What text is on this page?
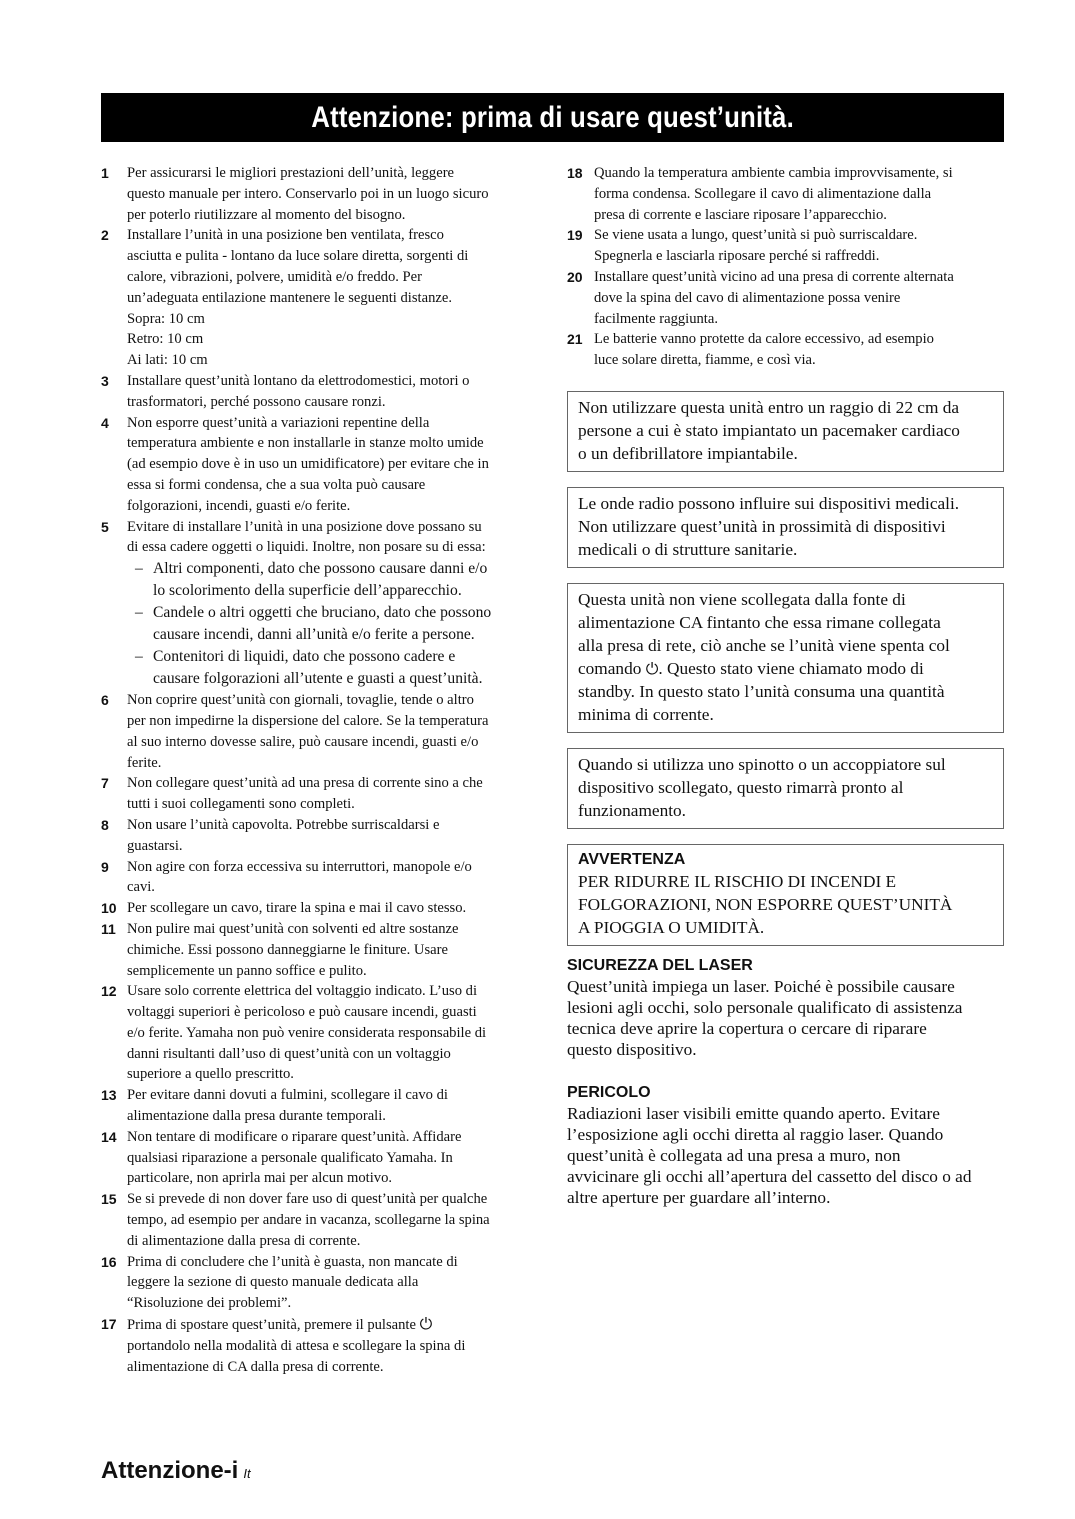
Attenzione: prima di usare quest’unità.
1 Per assicurarsi le migliori prestazioni dell’unità, leggere
questo manuale per intero. Conservarlo poi in un luogo sicuro
per poterlo riutilizzare al momento del bisogno.
2 Installare l’unità in una posizione ben ventilata, fresco
asciutta e pulita - lontano da luce solare diretta, sorgenti di
calore, vibrazioni, polvere, umidità e/o freddo. Per
un’adeguata entilazione mantenere le seguenti distanze.
Sopra: 10 cm
Retro: 10 cm
Ai lati: 10 cm
3 Installare quest’unità lontano da elettrodomestici, motori o
trasformatori, perché possono causare ronzi.
4 Non esporre quest’unità a variazioni repentine della
temperatura ambiente e non installarle in stanze molto umide
(ad esempio dove è in uso un umidificatore) per evitare che in
essa si formi condensa, che a sua volta può causare
folgorazioni, incendi, guasti e/o ferite.
5 Evitare di installare l’unità in una posizione dove possano su
di essa cadere oggetti o liquidi. Inoltre, non posare su di essa:
– Altri componenti, dato che possono causare danni e/o
lo scolorimento della superficie dell’apparecchio.
– Candele o altri oggetti che bruciano, dato che possono
causare incendi, danni all’unità e/o ferite a persone.
– Contenitori di liquidi, dato che possono cadere e
causare folgorazioni all’utente e guasti a quest’unità.
6 Non coprire quest’unità con giornali, tovaglie, tende o altro
per non impedirne la dispersione del calore. Se la temperatura
al suo interno dovesse salire, può causare incendi, guasti e/o
ferite.
7 Non collegare quest’unità ad una presa di corrente sino a che
tutti i suoi collegamenti sono completi.
8 Non usare l’unità capovolta. Potrebbe surriscaldarsi e
guastarsi.
9 Non agire con forza eccessiva su interruttori, manopole e/o
cavi.
10 Per scollegare un cavo, tirare la spina e mai il cavo stesso.
11 Non pulire mai quest’unità con solventi ed altre sostanze
chimiche. Essi possono danneggiarne le finiture. Usare
semplicemente un panno soffice e pulito.
12 Usare solo corrente elettrica del voltaggio indicato. L’uso di
voltaggi superiori è pericoloso e può causare incendi, guasti
e/o ferite. Yamaha non può venire considerata responsabile di
danni risultanti dall’uso di quest’unità con un voltaggio
superiore a quello prescritto.
13 Per evitare danni dovuti a fulmini, scollegare il cavo di
alimentazione dalla presa durante temporali.
14 Non tentare di modificare o riparare quest’unità. Affidare
qualsiasi riparazione a personale qualificato Yamaha. In
particolare, non aprirla mai per alcun motivo.
15 Se si prevede di non dover fare uso di quest’unità per qualche
tempo, ad esempio per andare in vacanza, scollegarne la spina
di alimentazione dalla presa di corrente.
16 Prima di concludere che l’unità è guasta, non mancate di
leggere la sezione di questo manuale dedicata alla
“Risoluzione dei problemi”.
17 Prima di spostare quest’unità, premere il pulsante ⏻
portandolo nella modalità di attesa e scollegare la spina di
alimentazione di CA dalla presa di corrente.
18 Quando la temperatura ambiente cambia improvvisamente, si
forma condensa. Scollegare il cavo di alimentazione dalla
presa di corrente e lasciare riposare l’apparecchio.
19 Se viene usata a lungo, quest’unità si può surriscaldare.
Spegnerla e lasciarla riposare perché si raffreddi.
20 Installare quest’unità vicino ad una presa di corrente alternata
dove la spina del cavo di alimentazione possa venire
facilmente raggiunta.
21 Le batterie vanno protette da calore eccessivo, ad esempio
luce solare diretta, fiamme, e così via.
Non utilizzare questa unità entro un raggio di 22 cm da
persone a cui è stato impiantato un pacemaker cardiaco
o un defibrillatore impiantabile.
Le onde radio possono influire sui dispositivi medicali.
Non utilizzare quest’unità in prossimità di dispositivi
medicali o di strutture sanitarie.
Questa unità non viene scollegata dalla fonte di
alimentazione CA fintanto che essa rimane collegata
alla presa di rete, ciò anche se l’unità viene spenta col
comando ⏻. Questo stato viene chiamato modo di
standby. In questo stato l’unità consuma una quantità
minima di corrente.
Quando si utilizza uno spinotto o un accoppiatore sul
dispositivo scollegato, questo rimarrà pronto al
funzionamento.
AVVERTENZA
PER RIDURRE IL RISCHIO DI INCENDI E
FOLGORAZIONI, NON ESPORRE QUEST’UNITÀ
A PIOGGIA O UMIDITÀ.
SICUREZZA DEL LASER
Quest’unità impiega un laser. Poiché è possibile causare
lesioni agli occhi, solo personale qualificato di assistenza
tecnica deve aprire la copertura o cercare di riparare
questo dispositivo.
PERICOLO
Radiazioni laser visibili emitte quando aperto. Evitare
l’esposizione agli occhi diretta al raggio laser. Quando
quest’unità è collegata ad una presa a muro, non
avvicinare gli occhi all’apertura del cassetto del disco o ad
altre aperture per guardare all’interno.
Attenzione-i It
